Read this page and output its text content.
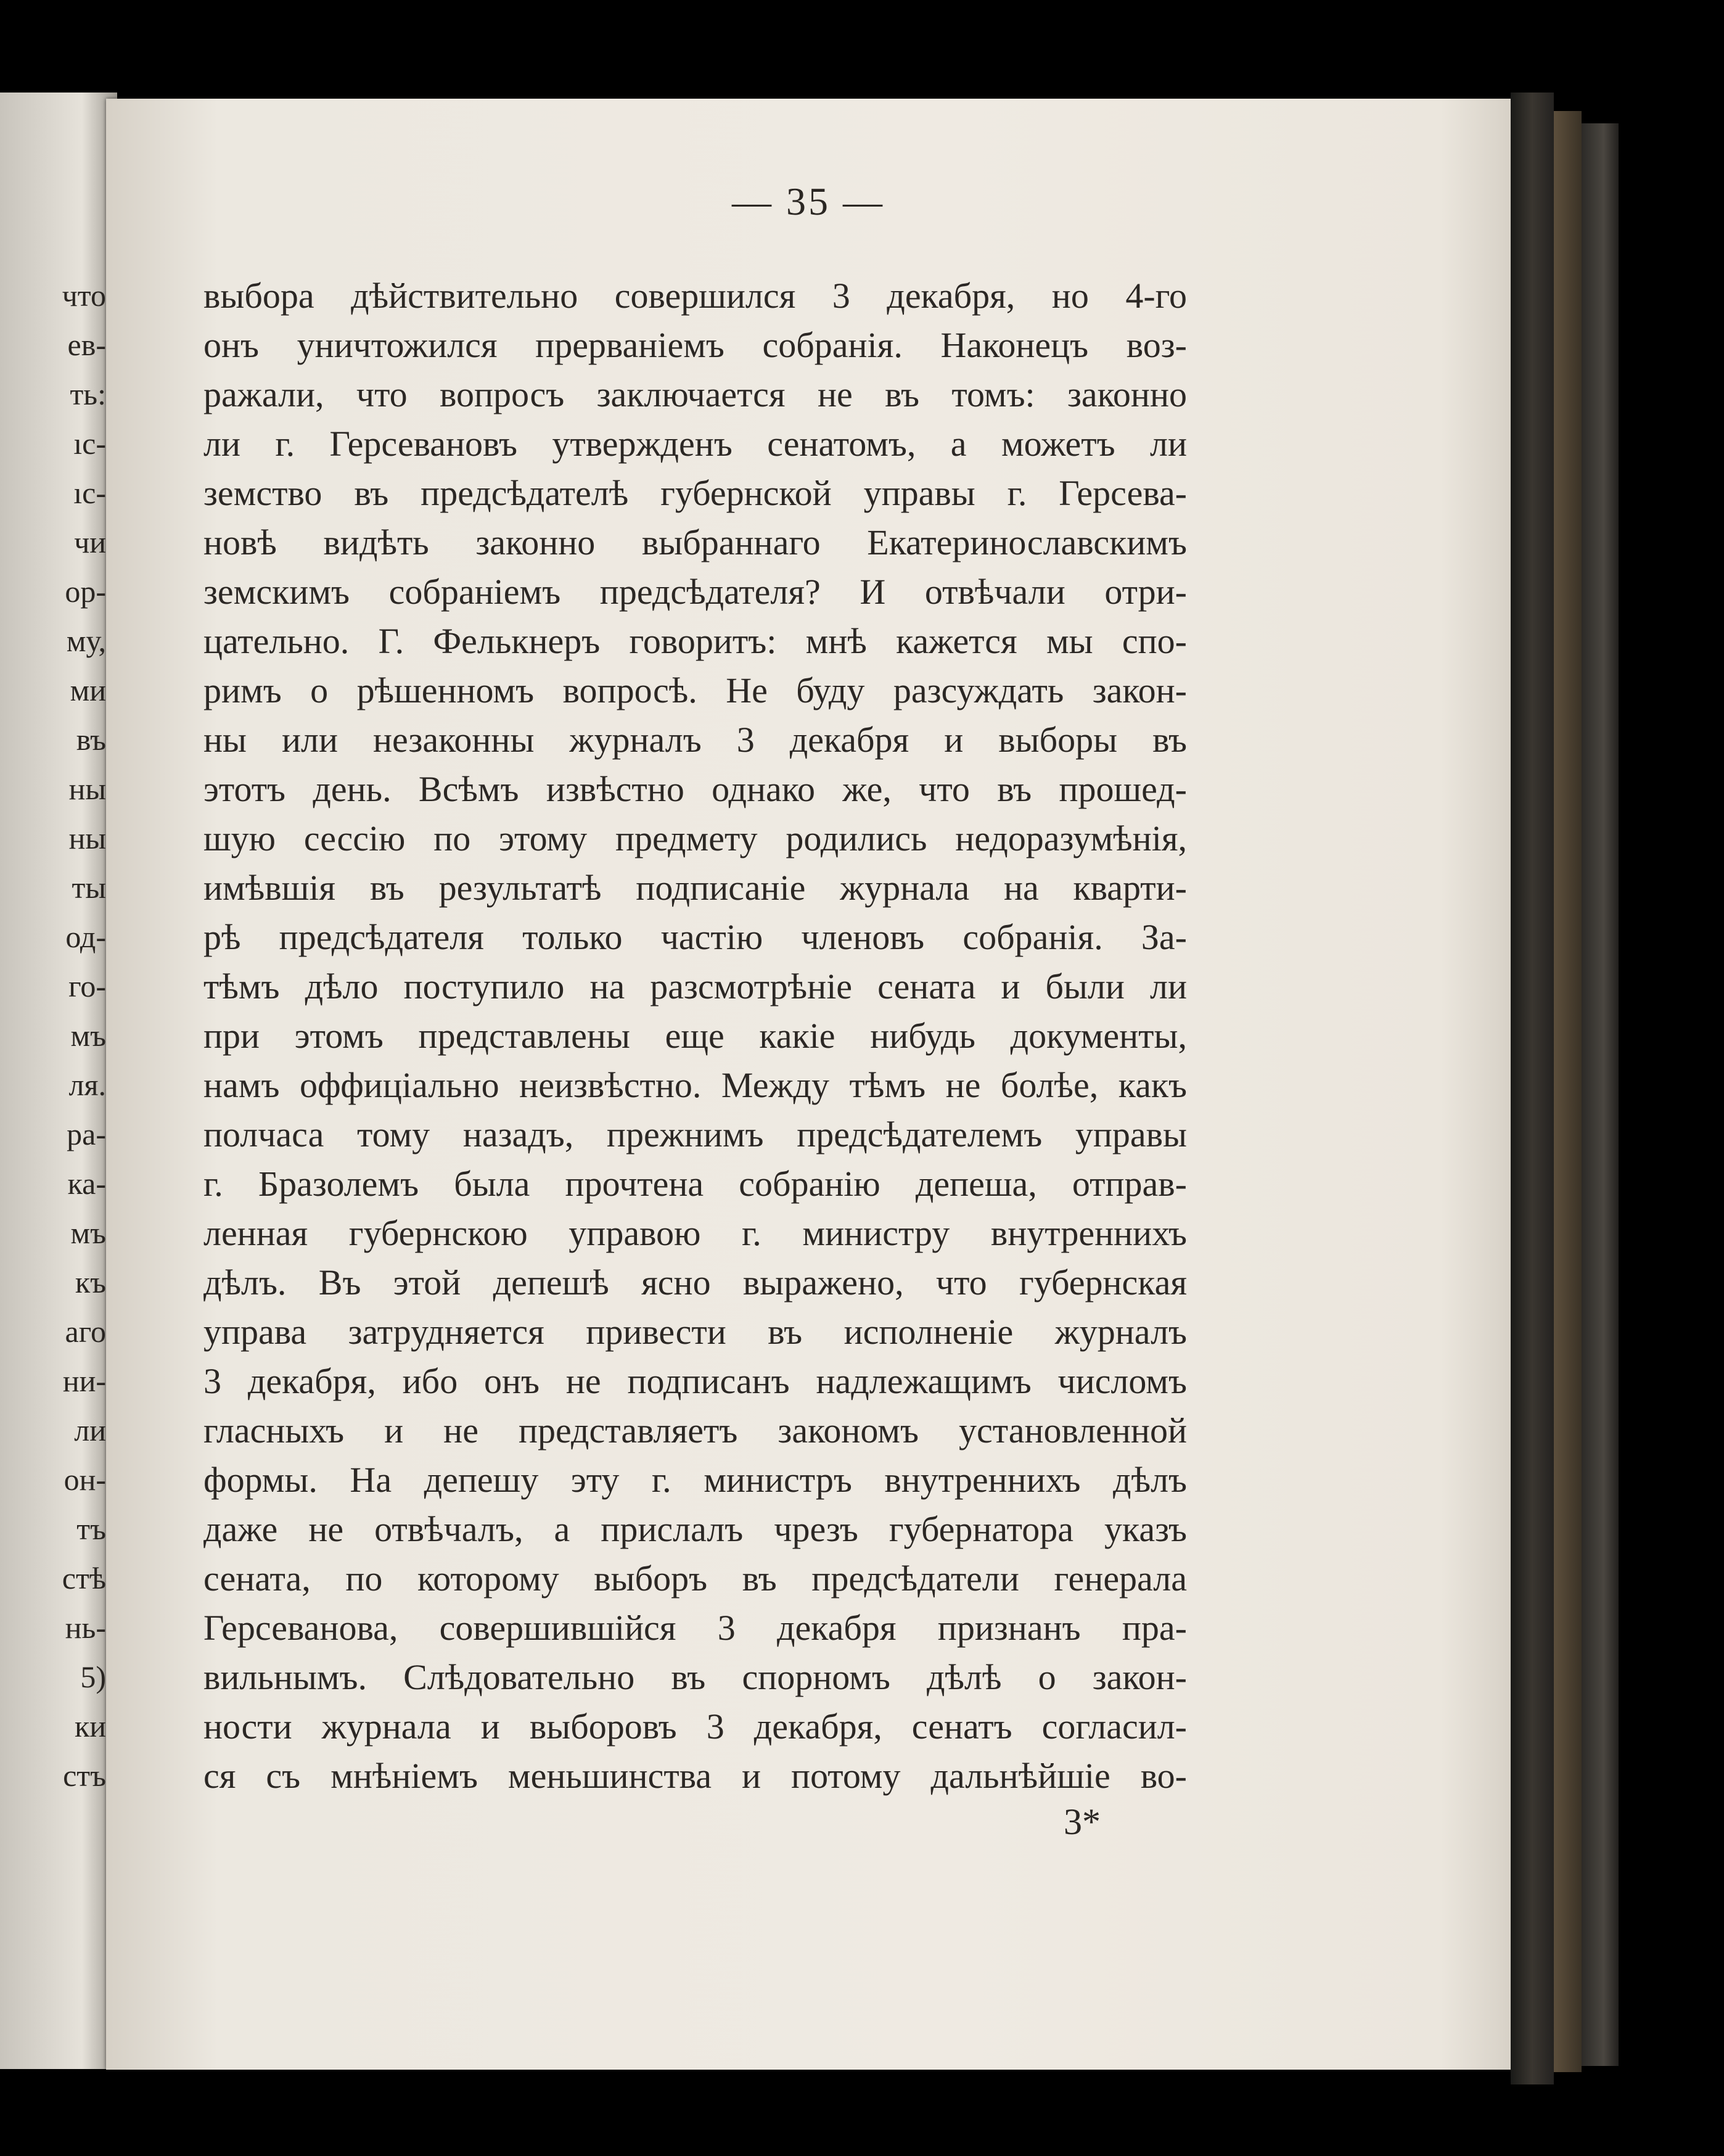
что
ев-
ть:
ıс-
ıс-
чи
ор-
му,
ми
въ
ны
ны
ты
од-
го-
мъ
ля.
ра-
ка-
мъ
къ
аго
ни-
ли
он-
тъ
стѣ
нь-
5)
ки
стъ
— 35 —
выбора дѣйствительно совершился 3 декабря, но 4-го
онъ уничтожился прерваніемъ собранія. Наконецъ воз-
ражали, что вопросъ заключается не въ томъ: законно
ли г. Герсевановъ утвержденъ сенатомъ, а можетъ ли
земство въ предсѣдателѣ губернской управы г. Герсева-
новѣ видѣть законно выбраннаго Екатеринославскимъ
земскимъ собраніемъ предсѣдателя? И отвѣчали отри-
цательно. Г. Фелькнеръ говоритъ: мнѣ кажется мы спо-
римъ о рѣшенномъ вопросѣ. Не буду разсуждать закон-
ны или незаконны журналъ 3 декабря и выборы въ
этотъ день. Всѣмъ извѣстно однако же, что въ прошед-
шую сессію по этому предмету родились недоразумѣнія,
имѣвшія въ результатѣ подписаніе журнала на кварти-
рѣ предсѣдателя только частію членовъ собранія. За-
тѣмъ дѣло поступило на разсмотрѣніе сената и были ли
при этомъ представлены еще какіе нибудь документы,
намъ оффиціально неизвѣстно. Между тѣмъ не болѣе, какъ
полчаса тому назадъ, прежнимъ предсѣдателемъ управы
г. Бразолемъ была прочтена собранію депеша, отправ-
ленная губернскою управою г. министру внутреннихъ
дѣлъ. Въ этой депешѣ ясно выражено, что губернская
управа затрудняется привести въ исполненіе журналъ
3 декабря, ибо онъ не подписанъ надлежащимъ числомъ
гласныхъ и не представляетъ закономъ установленной
формы. На депешу эту г. министръ внутреннихъ дѣлъ
даже не отвѣчалъ, а прислалъ чрезъ губернатора указъ
сената, по которому выборъ въ предсѣдатели генерала
Герсеванова, совершившійся 3 декабря признанъ пра-
вильнымъ. Слѣдовательно въ спорномъ дѣлѣ о закон-
ности журнала и выборовъ 3 декабря, сенатъ согласил-
ся съ мнѣніемъ меньшинства и потому дальнѣйшіе во-
3*
